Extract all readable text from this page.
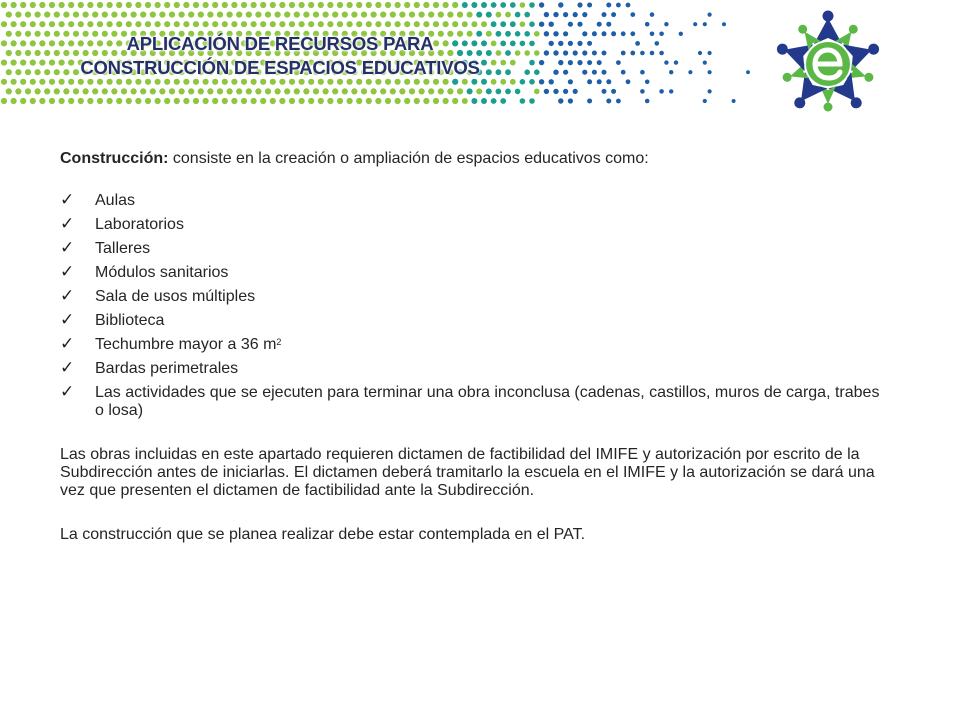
APLICACIÓN DE RECURSOS PARA
CONSTRUCCIÓN DE ESPACIOS EDUCATIVOS

Construcción: consiste en la creación o ampliación de espacios educativos como:

✓ Aulas
✓ Laboratorios
✓ Talleres
✓ Módulos sanitarios
✓ Sala de usos múltiples
✓ Biblioteca
✓ Techumbre mayor a 36 $m^2$
✓ Bardas perimetrales
✓ Las actividades que se ejecuten para terminar una obra inconclusa (cadenas, castillos, muros de carga, trabes o losa)

Las obras incluidas en este apartado requieren dictamen de factibilidad del IMIFE y autorización por escrito de la Subdirección antes de iniciarlas. El dictamen deberá tramitarlo la escuela en el IMIFE y la autorización se dará una vez que presenten el dictamen de factibilidad ante la Subdirección.

La construcción que se planea realizar debe estar contemplada en el PAT.
